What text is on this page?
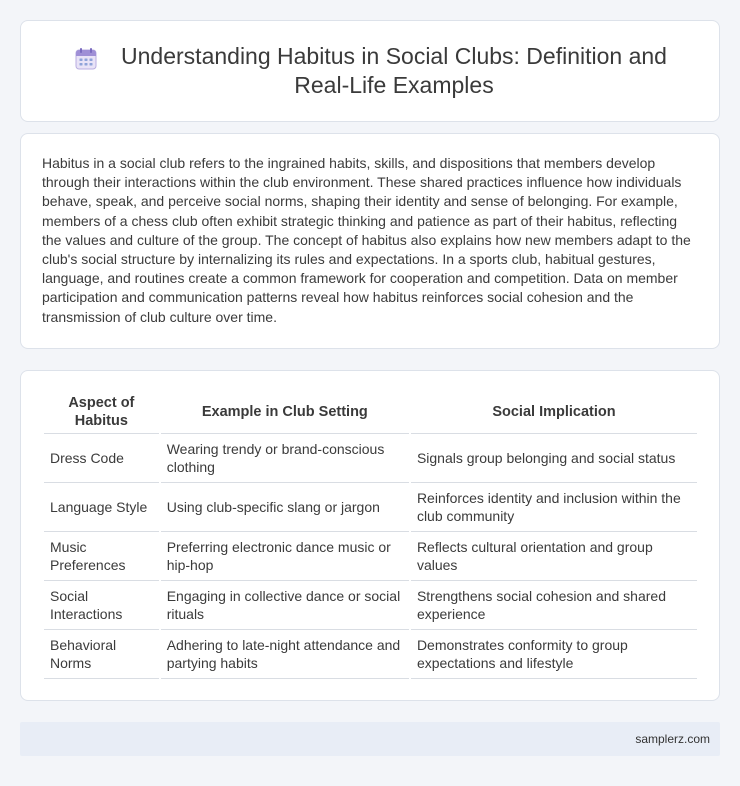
Understanding Habitus in Social Clubs: Definition and
Real-Life Examples

Habitus in a social club refers to the ingrained habits, skills, and dispositions that members develop through their interactions within the club environment. These shared practices influence how individuals behave, speak, and perceive social norms, shaping their identity and sense of belonging. For example, members of a chess club often exhibit strategic thinking and patience as part of their habitus, reflecting the values and culture of the group. The concept of habitus also explains how new members adapt to the club's social structure by internalizing its rules and expectations. In a sports club, habitual gestures, language, and routines create a common framework for cooperation and competition. Data on member participation and communication patterns reveal how habitus reinforces social cohesion and the transmission of club culture over time.

Aspect of Habitus	Example in Club Setting	Social Implication
Dress Code	Wearing trendy or brand-conscious clothing	Signals group belonging and social status
Language Style	Using club-specific slang or jargon	Reinforces identity and inclusion within the club community
Music Preferences	Preferring electronic dance music or hip-hop	Reflects cultural orientation and group values
Social Interactions	Engaging in collective dance or social rituals	Strengthens social cohesion and shared experience
Behavioral Norms	Adhering to late-night attendance and partying habits	Demonstrates conformity to group expectations and lifestyle
samplerz.com
